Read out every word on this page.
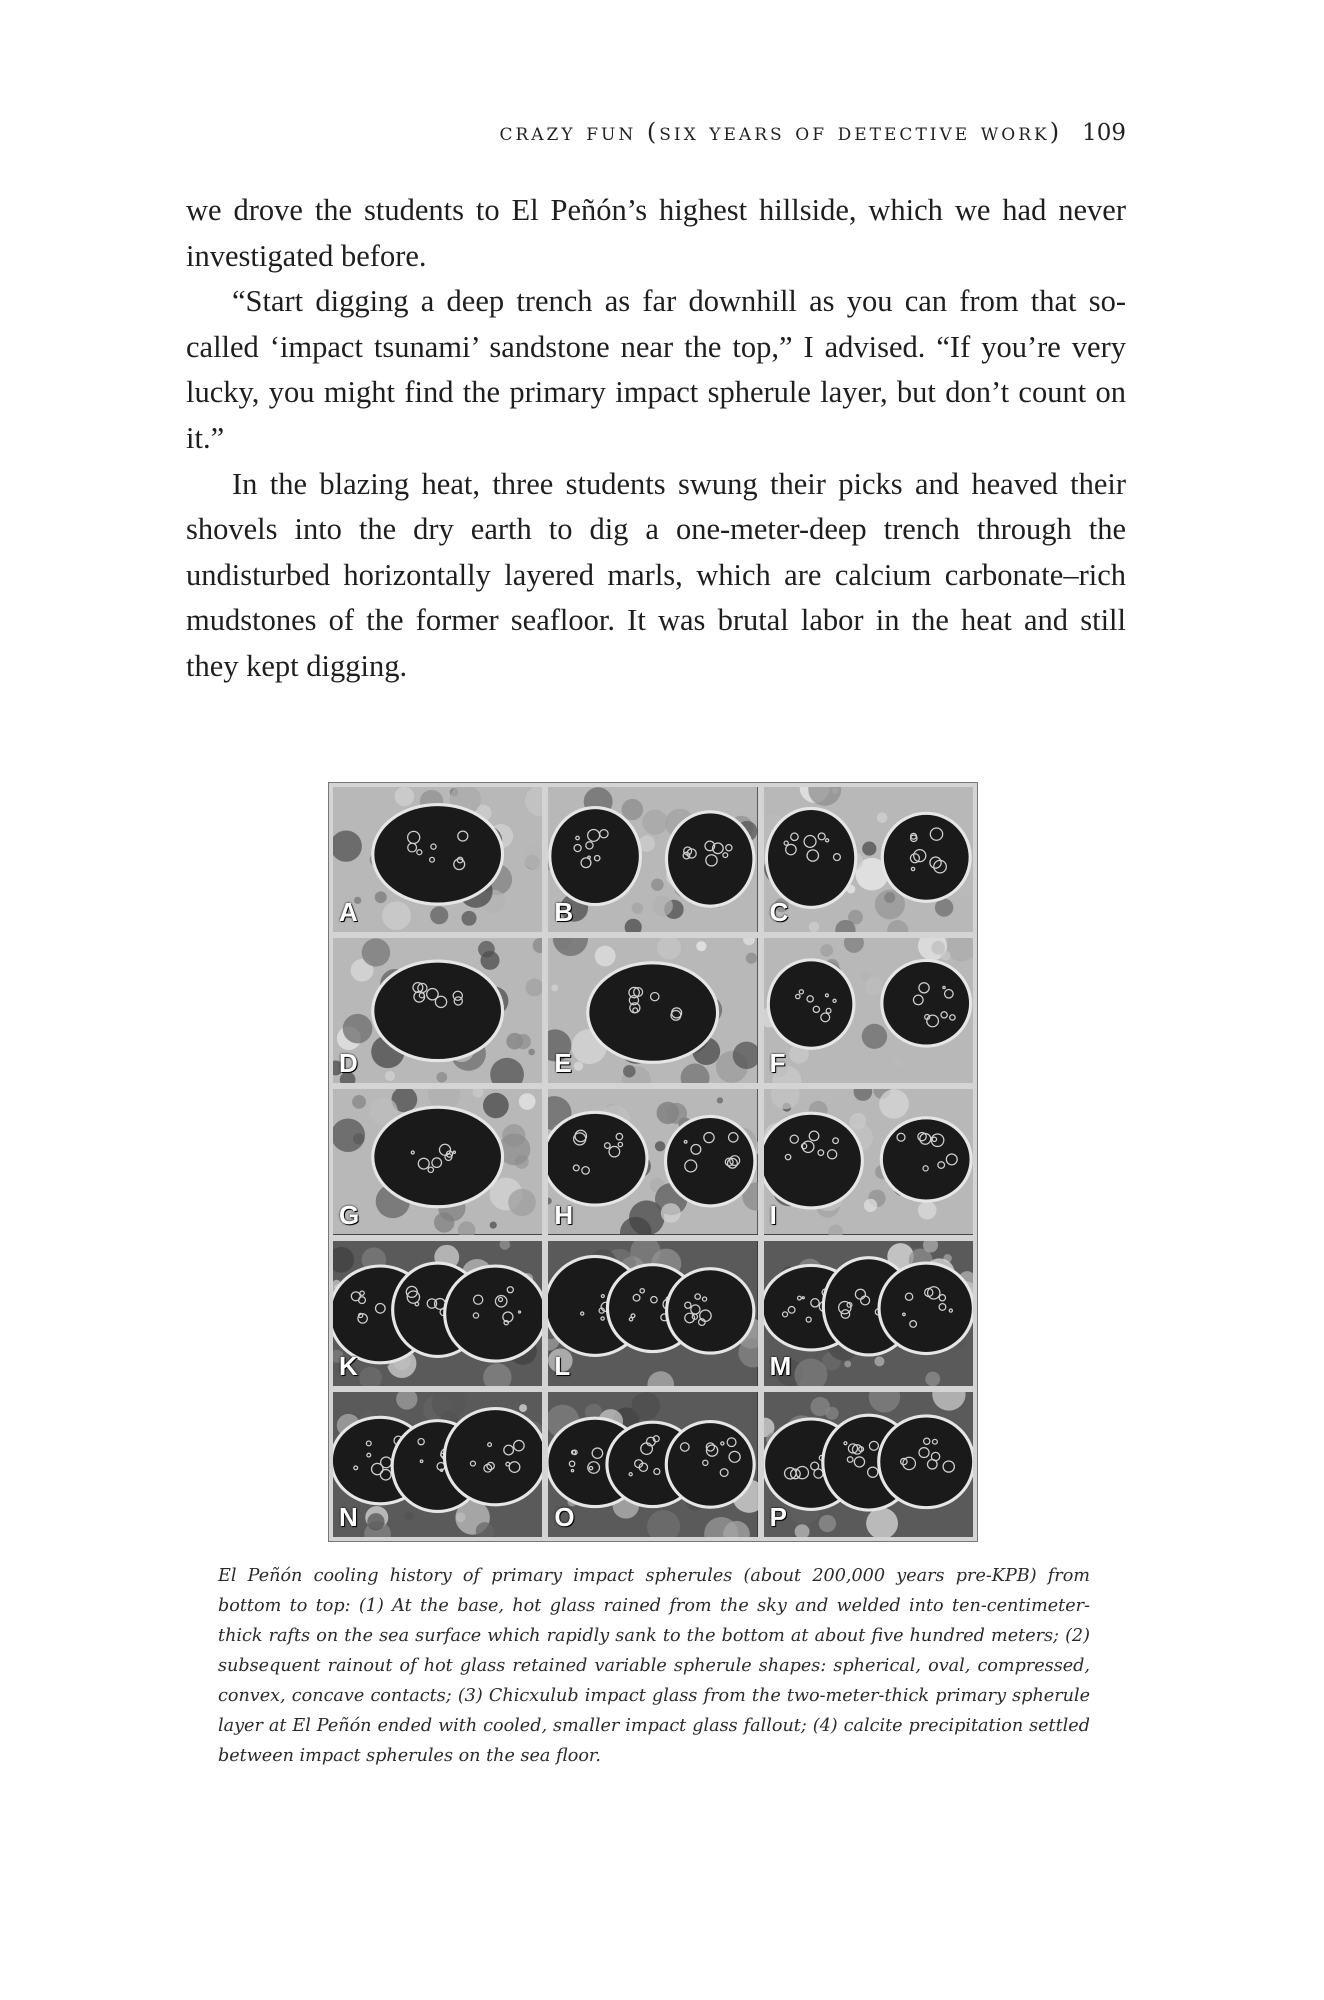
crazy fun (six years of detective work) 109

we drove the students to El Peñón’s highest hillside, which we had never investigated before.

“Start digging a deep trench as far downhill as you can from that so-called ‘impact tsunami’ sandstone near the top,” I advised. “If you’re very lucky, you might find the primary impact spherule layer, but don’t count on it.”

In the blazing heat, three students swung their picks and heaved their shovels into the dry earth to dig a one-meter-deep trench through the undisturbed horizontally layered marls, which are calcium carbonate–rich mudstones of the former seafloor. It was brutal labor in the heat and still they kept digging.

A	B	C
D	E	F
G	H	I
K	L	M
N	O	P
El Peñón cooling history of primary impact spherules (about 200,000 years pre-KPB) from bottom to top: (1) At the base, hot glass rained from the sky and welded into ten-centimeter-thick rafts on the sea surface which rapidly sank to the bottom at about five hundred meters; (2) subsequent rainout of hot glass retained variable spherule shapes: spherical, oval, compressed, convex, concave contacts; (3) Chicxulub impact glass from the two-meter-thick primary spherule layer at El Peñón ended with cooled, smaller impact glass fallout; (4) calcite precipitation settled between impact spherules on the sea floor.
